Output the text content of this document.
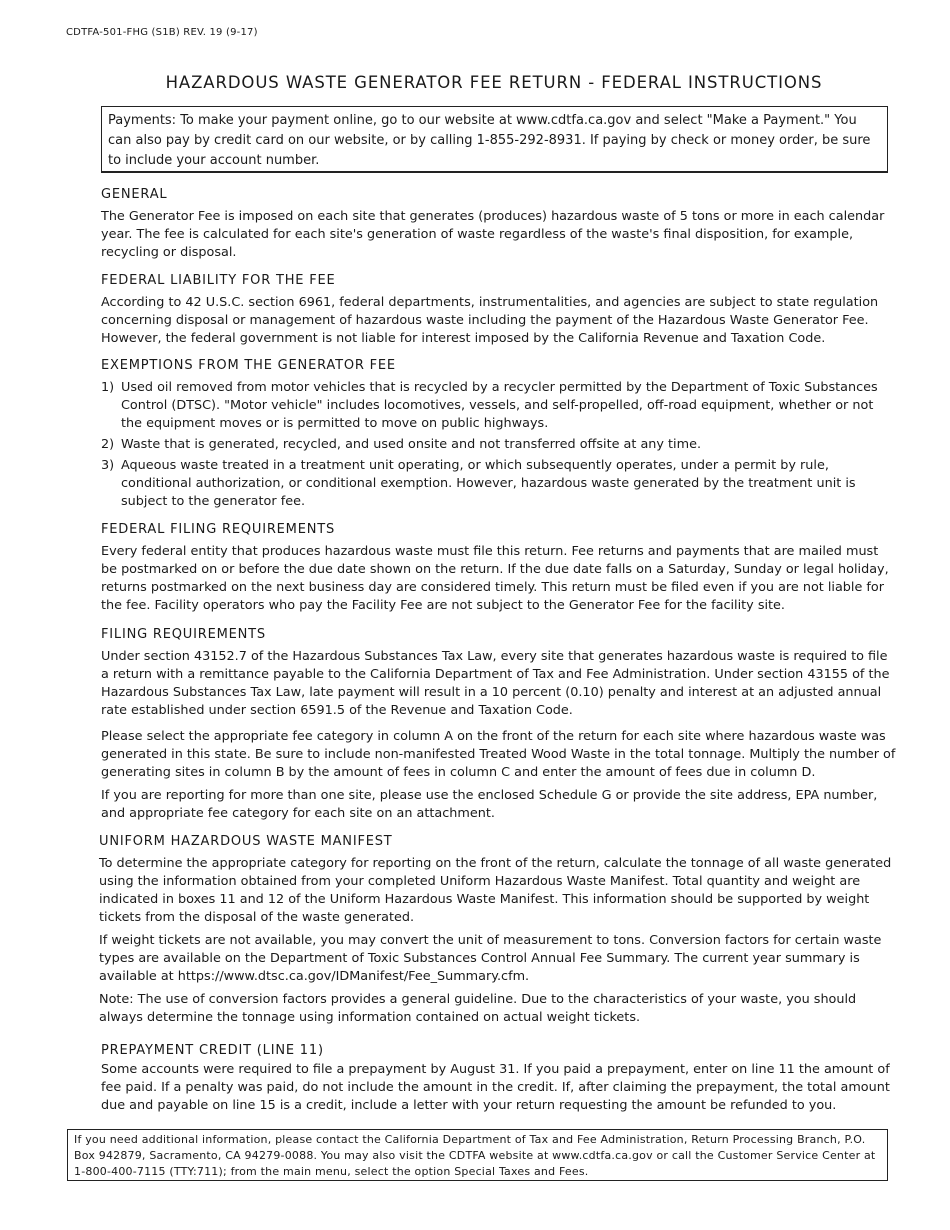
CDTFA-501-FHG (S1B) REV. 19 (9-17)
HAZARDOUS WASTE GENERATOR FEE RETURN - FEDERAL INSTRUCTIONS
Payments: To make your payment online, go to our website at www.cdtfa.ca.gov and select "Make a Payment." You can also pay by credit card on our website, or by calling 1-855-292-8931. If paying by check or money order, be sure to include your account number.
GENERAL

The Generator Fee is imposed on each site that generates (produces) hazardous waste of 5 tons or more in each calendar year. The fee is calculated for each site's generation of waste regardless of the waste's final disposition, for example, recycling or disposal.

FEDERAL LIABILITY FOR THE FEE

According to 42 U.S.C. section 6961, federal departments, instrumentalities, and agencies are subject to state regulation concerning disposal or management of hazardous waste including the payment of the Hazardous Waste Generator Fee. However, the federal government is not liable for interest imposed by the California Revenue and Taxation Code.

EXEMPTIONS FROM THE GENERATOR FEE
1) Used oil removed from motor vehicles that is recycled by a recycler permitted by the Department of Toxic Substances Control (DTSC). "Motor vehicle" includes locomotives, vessels, and self-propelled, off-road equipment, whether or not the equipment moves or is permitted to move on public highways.
2) Waste that is generated, recycled, and used onsite and not transferred offsite at any time.
3) Aqueous waste treated in a treatment unit operating, or which subsequently operates, under a permit by rule, conditional authorization, or conditional exemption. However, hazardous waste generated by the treatment unit is subject to the generator fee.
FEDERAL FILING REQUIREMENTS

Every federal entity that produces hazardous waste must file this return. Fee returns and payments that are mailed must be postmarked on or before the due date shown on the return. If the due date falls on a Saturday, Sunday or legal holiday, returns postmarked on the next business day are considered timely. This return must be filed even if you are not liable for the fee. Facility operators who pay the Facility Fee are not subject to the Generator Fee for the facility site.

FILING REQUIREMENTS

Under section 43152.7 of the Hazardous Substances Tax Law, every site that generates hazardous waste is required to file a return with a remittance payable to the California Department of Tax and Fee Administration. Under section 43155 of the Hazardous Substances Tax Law, late payment will result in a 10 percent (0.10) penalty and interest at an adjusted annual rate established under section 6591.5 of the Revenue and Taxation Code.

Please select the appropriate fee category in column A on the front of the return for each site where hazardous waste was generated in this state. Be sure to include non-manifested Treated Wood Waste in the total tonnage. Multiply the number of generating sites in column B by the amount of fees in column C and enter the amount of fees due in column D.

If you are reporting for more than one site, please use the enclosed Schedule G or provide the site address, EPA number, and appropriate fee category for each site on an attachment.

UNIFORM HAZARDOUS WASTE MANIFEST

To determine the appropriate category for reporting on the front of the return, calculate the tonnage of all waste generated using the information obtained from your completed Uniform Hazardous Waste Manifest. Total quantity and weight are indicated in boxes 11 and 12 of the Uniform Hazardous Waste Manifest. This information should be supported by weight tickets from the disposal of the waste generated.

If weight tickets are not available, you may convert the unit of measurement to tons. Conversion factors for certain waste types are available on the Department of Toxic Substances Control Annual Fee Summary. The current year summary is available at https://www.dtsc.ca.gov/IDManifest/Fee_Summary.cfm.

Note: The use of conversion factors provides a general guideline. Due to the characteristics of your waste, you should always determine the tonnage using information contained on actual weight tickets.

PREPAYMENT CREDIT (LINE 11)

Some accounts were required to file a prepayment by August 31. If you paid a prepayment, enter on line 11 the amount of fee paid. If a penalty was paid, do not include the amount in the credit. If, after claiming the prepayment, the total amount due and payable on line 15 is a credit, include a letter with your return requesting the amount be refunded to you.

If you need additional information, please contact the California Department of Tax and Fee Administration, Return Processing Branch, P.O. Box 942879, Sacramento, CA 94279-0088. You may also visit the CDTFA website at www.cdtfa.ca.gov or call the Customer Service Center at 1-800-400-7115 (TTY:711); from the main menu, select the option Special Taxes and Fees.
